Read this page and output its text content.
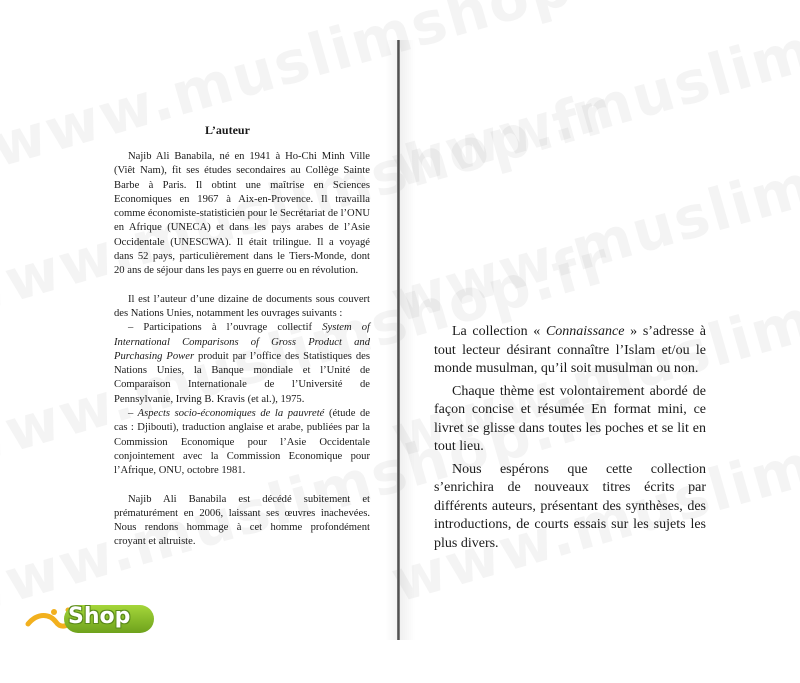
L’auteur

Najib Ali Banabila, né en 1941 à Ho-Chi Minh Ville (Viêt Nam), fit ses études secondaires au Collège Sainte Barbe à Paris. Il obtint une maîtrise en Sciences Economiques en 1967 à Aix-en-Provence. Il travailla comme économiste-statisticien pour le Secrétariat de l’ONU en Afrique (UNECA) et dans les pays arabes de l’Asie Occidentale (UNESCWA). Il était trilingue. Il a voyagé dans 52 pays, particulièrement dans le Tiers-Monde, dont 20 ans de séjour dans les pays en guerre ou en révolution.

Il est l’auteur d’une dizaine de documents sous couvert des Nations Unies, notamment les ouvrages suivants :

– Participations à l’ouvrage collectif System of International Comparisons of Gross Product and Purchasing Power produit par l’office des Statistiques des Nations Unies, la Banque mondiale et l’Unité de Comparaison Internationale de l’Université de Pennsylvanie, Irving B. Kravis (et al.), 1975.
– Aspects socio-économiques de la pauvreté (étude de cas : Djibouti), traduction anglaise et arabe, publiées par la Commission Economique pour l’Asie Occidentale conjointement avec la Commission Economique pour l’Afrique, ONU, octobre 1981.

Najib Ali Banabila est décédé subitement et prématurément en 2006, laissant ses œuvres inachevées. Nous rendons hommage à cet homme profondément croyant et altruiste.

La collection « Connaissance » s’adresse à tout lecteur désirant connaître l’Islam et/ou le monde musulman, qu’il soit musulman ou non.

Chaque thème est volontairement abordé de façon concise et résumée En format mini, ce livret se glisse dans toutes les poches et se lit en tout lieu.

Nous espérons que cette collection s’enrichira de nouveaux titres écrits par différents auteurs, présentant des synthèses, des introductions, de courts essais sur les sujets les plus divers.

Shop
